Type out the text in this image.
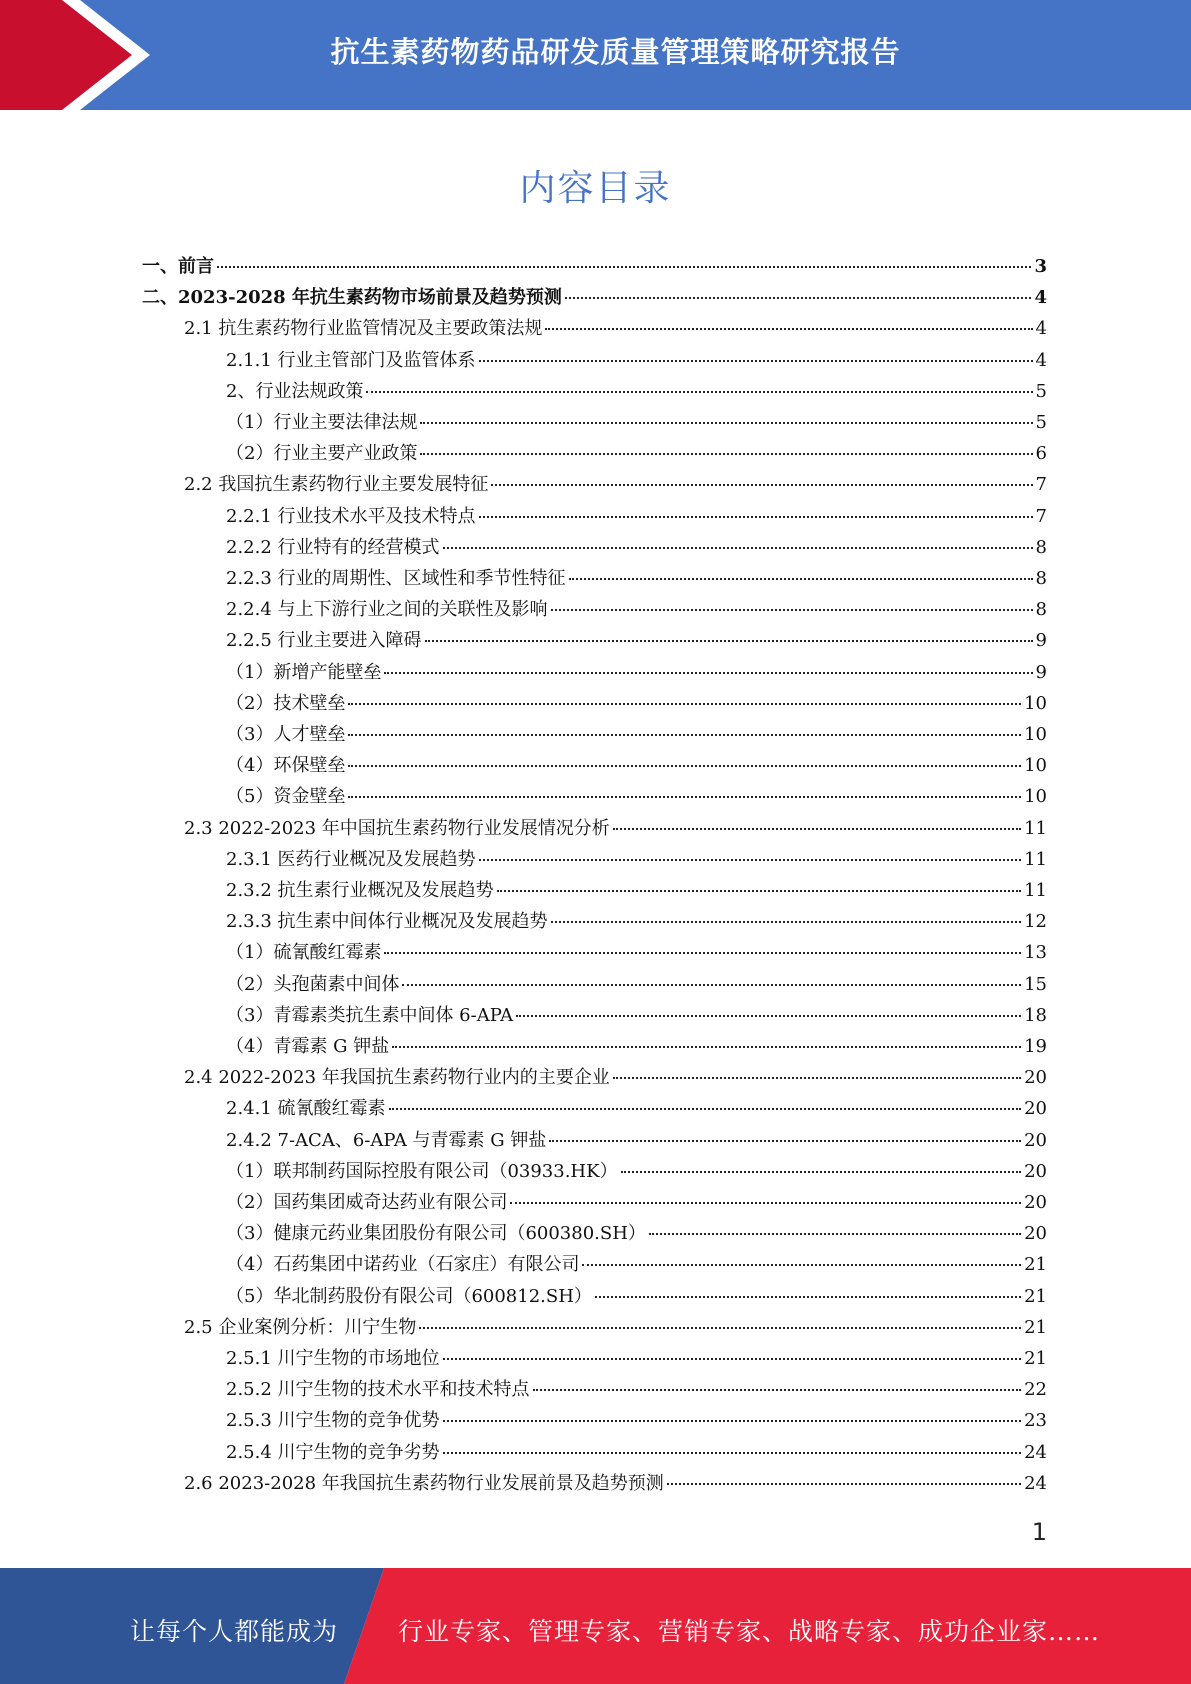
抗生素药物药品研发质量管理策略研究报告
内容目录
一、前言	3
二、2023-2028 年抗生素药物市场前景及趋势预测	4
2.1 抗生素药物行业监管情况及主要政策法规	4
2.1.1 行业主管部门及监管体系	4
2、行业法规政策	5
（1）行业主要法律法规	5
（2）行业主要产业政策	6
2.2 我国抗生素药物行业主要发展特征	7
2.2.1 行业技术水平及技术特点	7
2.2.2 行业特有的经营模式	8
2.2.3 行业的周期性、区域性和季节性特征	8
2.2.4 与上下游行业之间的关联性及影响	8
2.2.5 行业主要进入障碍	9
（1）新增产能壁垒	9
（2）技术壁垒	10
（3）人才壁垒	10
（4）环保壁垒	10
（5）资金壁垒	10
2.3 2022-2023 年中国抗生素药物行业发展情况分析	11
2.3.1 医药行业概况及发展趋势	11
2.3.2 抗生素行业概况及发展趋势	11
2.3.3 抗生素中间体行业概况及发展趋势	12
（1）硫氰酸红霉素	13
（2）头孢菌素中间体	15
（3）青霉素类抗生素中间体 6-APA	18
（4）青霉素 G 钾盐	19
2.4 2022-2023 年我国抗生素药物行业内的主要企业	20
2.4.1 硫氰酸红霉素	20
2.4.2 7-ACA、6-APA 与青霉素 G 钾盐	20
（1）联邦制药国际控股有限公司（03933.HK）	20
（2）国药集团威奇达药业有限公司	20
（3）健康元药业集团股份有限公司（600380.SH）	20
（4）石药集团中诺药业（石家庄）有限公司	21
（5）华北制药股份有限公司（600812.SH）	21
2.5 企业案例分析：川宁生物	21
2.5.1 川宁生物的市场地位	21
2.5.2 川宁生物的技术水平和技术特点	22
2.5.3 川宁生物的竞争优势	23
2.5.4 川宁生物的竞争劣势	24
2.6 2023-2028 年我国抗生素药物行业发展前景及趋势预测	24
1
让每个人都能成为 行业专家、管理专家、营销专家、战略专家、成功企业家……
